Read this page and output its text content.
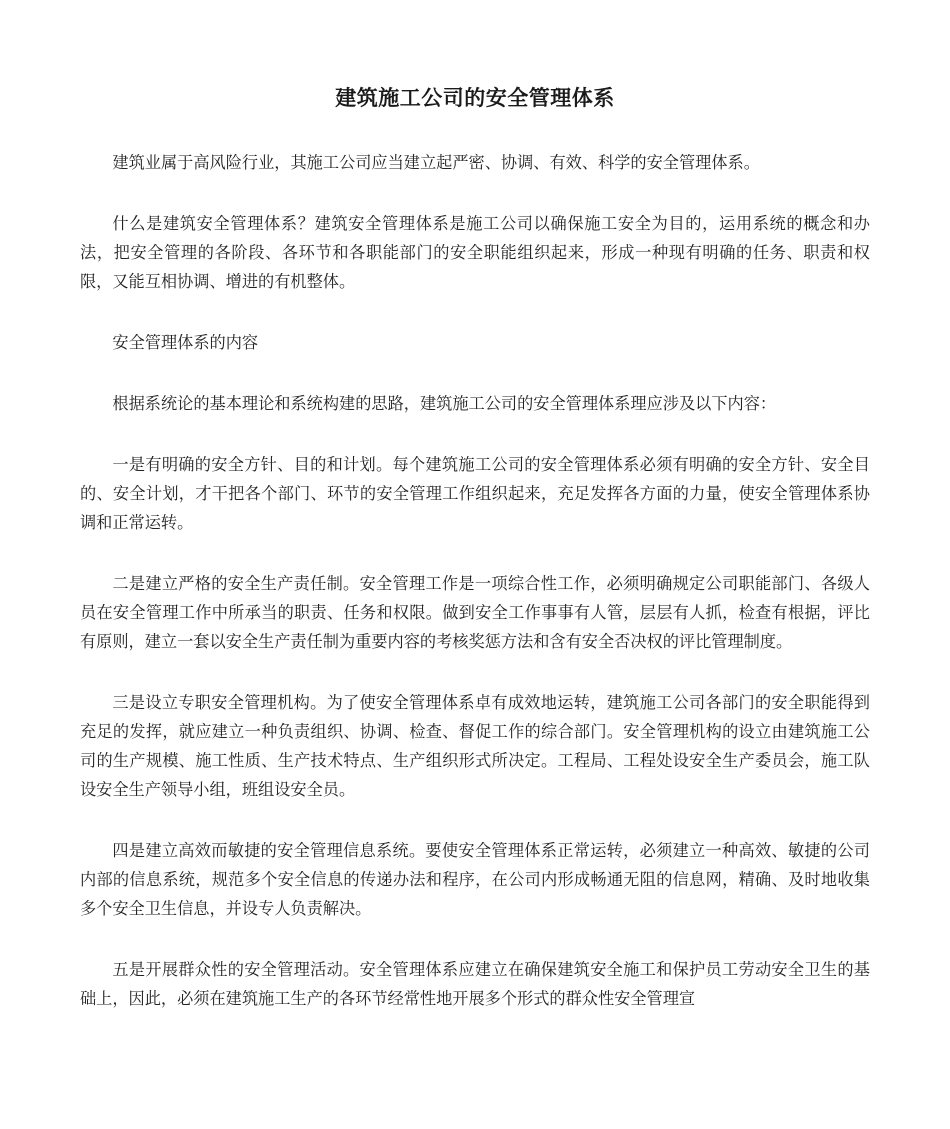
建筑施工公司的安全管理体系

建筑业属于高风险行业，其施工公司应当建立起严密、协调、有效、科学的安全管理体系。

什么是建筑安全管理体系？建筑安全管理体系是施工公司以确保施工安全为目的，运用系统的概念和办法，把安全管理的各阶段、各环节和各职能部门的安全职能组织起来，形成一种现有明确的任务、职责和权限，又能互相协调、增进的有机整体。

安全管理体系的内容

根据系统论的基本理论和系统构建的思路，建筑施工公司的安全管理体系理应涉及以下内容：

一是有明确的安全方针、目的和计划。每个建筑施工公司的安全管理体系必须有明确的安全方针、安全目的、安全计划，才干把各个部门、环节的安全管理工作组织起来，充足发挥各方面的力量，使安全管理体系协调和正常运转。

二是建立严格的安全生产责任制。安全管理工作是一项综合性工作，必须明确规定公司职能部门、各级人员在安全管理工作中所承当的职责、任务和权限。做到安全工作事事有人管，层层有人抓，检查有根据，评比有原则，建立一套以安全生产责任制为重要内容的考核奖惩方法和含有安全否决权的评比管理制度。

三是设立专职安全管理机构。为了使安全管理体系卓有成效地运转，建筑施工公司各部门的安全职能得到充足的发挥，就应建立一种负责组织、协调、检查、督促工作的综合部门。安全管理机构的设立由建筑施工公司的生产规模、施工性质、生产技术特点、生产组织形式所决定。工程局、工程处设安全生产委员会，施工队设安全生产领导小组，班组设安全员。

四是建立高效而敏捷的安全管理信息系统。要使安全管理体系正常运转，必须建立一种高效、敏捷的公司内部的信息系统，规范多个安全信息的传递办法和程序，在公司内形成畅通无阻的信息网，精确、及时地收集多个安全卫生信息，并设专人负责解决。

五是开展群众性的安全管理活动。安全管理体系应建立在确保建筑安全施工和保护员工劳动安全卫生的基础上，因此，必须在建筑施工生产的各环节经常性地开展多个形式的群众性安全管理宣
